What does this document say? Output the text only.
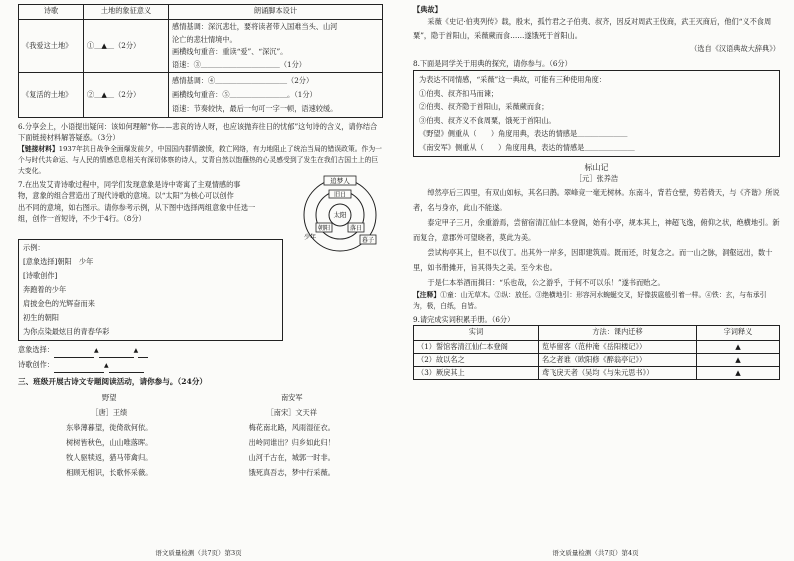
诗歌	土地的象征意义	朗诵脚本设计
《我爱这土地》	①＿▲＿（2分）	感情基调：深沉悲壮，要将读者带入国难当头、山河
沦亡的悲壮情境中。
画横线句重音：重读“爱”、“深沉”。
语速：③＿＿＿＿＿＿＿＿＿＿＿（1分）

《复活的土地》	②＿▲＿（2分）	感情基调：④＿＿＿＿＿＿＿＿＿＿（2分）
画横线句重音：⑤＿＿＿＿＿＿＿＿。（1分）
语速：节奏较快，最后一句可一字一顿，语速较缓。
6.分享会上，小语提出疑问：该如何理解“你——悲哀的诗人呀，也应该抛弃往日的忧郁”这句诗的含义，请你结合下面链接材料解答疑惑。（3分）
【链接材料】1937年抗日战争全面爆发前夕，中国国内群情激愤，救亡网络，有力地阻止了统治当局的错误政策。作为一个与时代共命运、与人民的情感息息相关有深切体察的诗人，艾青自然以饱蘸热的心灵感受到了发生在我们古国土上的巨大变化。
7.在出发艾青诗歌过程中，同学们发现意象是诗中寄寓了主观情感的事
物，意象的组合营造出了现代诗歌的意境。以“太阳”为核心可以创作
出不同的意境，如右图示。请你参考示例，从下图中选择两组意象中任选一
组，创作一首短诗，不少于4行。（8分）
追梦人
旧日
太阳
朝阳	落日
少年	暮子
示例：
[意象选择]朝阳　少年
[诗歌创作]
奔跑着的少年
肩披金色的光辉奋而来
初生的朝阳
为你点染最炫目的青春华彩
意象选择：	▲	▲
诗歌创作：	▲
三、班级开展古诗文专题阅读活动，请你参与。（24分）
野望
［唐］王绩
东皋薄暮望，徙倚欲何依。
树树皆秋色，山山唯落晖。
牧人驱犊返，猎马带禽归。
相顾无相识，长歌怀采薇。
南安军
［南宋］文天祥
梅花南北路，风雨湿征衣。
出岭同谁出？归乡如此归！
山河千古在，城郭一时非。
饿死真吾志，梦中行采薇。
语文质量检测（共7页）第3页
【典故】
采薇《史记·伯夷列传》载，殷末，孤竹君之子伯夷、叔齐，因反对周武王伐商，武王灭商后，他们“义不食周粟”，隐于首阳山，采薇蕨而食……遂饿死于首阳山。
（选自《汉语典故大辞典》）
8.下面是同学关于用典的探究，请你参与。（6分）
为表达不同情感，“采薇”这一典故，可能有三种使用角度：
①伯夷、叔齐扣马而谏；
②伯夷、叔齐隐于首阳山，采薇蕨而食；
③伯夷、叔齐义不食周粟，饿死于首阳山。
《野望》侧重从（　　）角度用典，表达的情感是＿＿＿＿＿＿＿
《南安军》侧重从（　　）角度用典，表达的情感是＿＿＿＿＿＿＿
标山记
［元］张养浩
绰然亭后三四里，有双山如标，其名曰鹊。翠峰竞一毫无树林。东南斗，背若仓壁，势若倚天，与《齐谐》所说者，名与身亦，此山不能遂。
泰定甲子三月，余重游焉，尝留宿清江仙仁本登阁，始有小亭，规本其上，神超飞逸，俯仰之状，绝横地引。新而复合，意郡外可望晓者，莫此为美。
尝试构亭其上，但不以伐丁。出其外一岸多，因即建筑焉。既而还，时复念之。而一山之脉，洞壑远出，数十里，如书册摊开，旨其得失之美。至今未也。
于是仁本举酒而揖曰：“乐也哉，公之游乎，于何不可以乐！”遂书而贻之。
【注释】①童：山无草木。②纵：放任。③绝横地引：形容河水蜿蜒交叉，好像拔扈般引着一样。④铁：玄，与布承引为，极，白纸，自皆。
9.请完成实词积累手册。（6分）
实词	方法：课内迁移	字词释义
（1）誓馆客清江仙仁本登阁	览毕留客（范仲淹《岳阳楼记》）	▲
（2）故以名之	名之者谁（欧阳修《醉翁亭记》）	▲
（3）厥戾其上	鸢飞戾天者（吴均《与朱元思书》）	▲
语文质量检测（共7页）第4页
